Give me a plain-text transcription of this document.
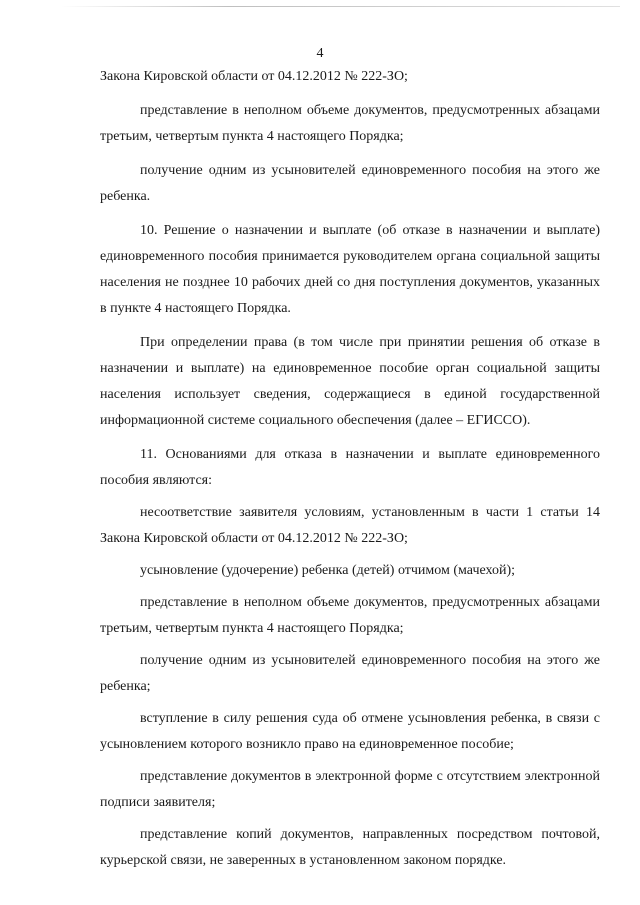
4

Закона Кировской области от 04.12.2012 № 222-ЗО;

представление в неполном объеме документов, предусмотренных абзацами третьим, четвертым пункта 4 настоящего Порядка;

получение одним из усыновителей единовременного пособия на этого же ребенка.

10. Решение о назначении и выплате (об отказе в назначении и выплате) единовременного пособия принимается руководителем органа социальной защиты населения не позднее 10 рабочих дней со дня поступления документов, указанных в пункте 4 настоящего Порядка.

При определении права (в том числе при принятии решения об отказе в назначении и выплате) на единовременное пособие орган социальной защиты населения использует сведения, содержащиеся в единой государственной информационной системе социального обеспечения (далее – ЕГИССО).

11. Основаниями для отказа в назначении и выплате единовременного пособия являются:

несоответствие заявителя условиям, установленным в части 1 статьи 14 Закона Кировской области от 04.12.2012 № 222-ЗО;

усыновление (удочерение) ребенка (детей) отчимом (мачехой);

представление в неполном объеме документов, предусмотренных абзацами третьим, четвертым пункта 4 настоящего Порядка;

получение одним из усыновителей единовременного пособия на этого же ребенка;

вступление в силу решения суда об отмене усыновления ребенка, в связи с усыновлением которого возникло право на единовременное пособие;

представление документов в электронной форме с отсутствием электронной подписи заявителя;

представление копий документов, направленных посредством почтовой, курьерской связи, не заверенных в установленном законом порядке.
